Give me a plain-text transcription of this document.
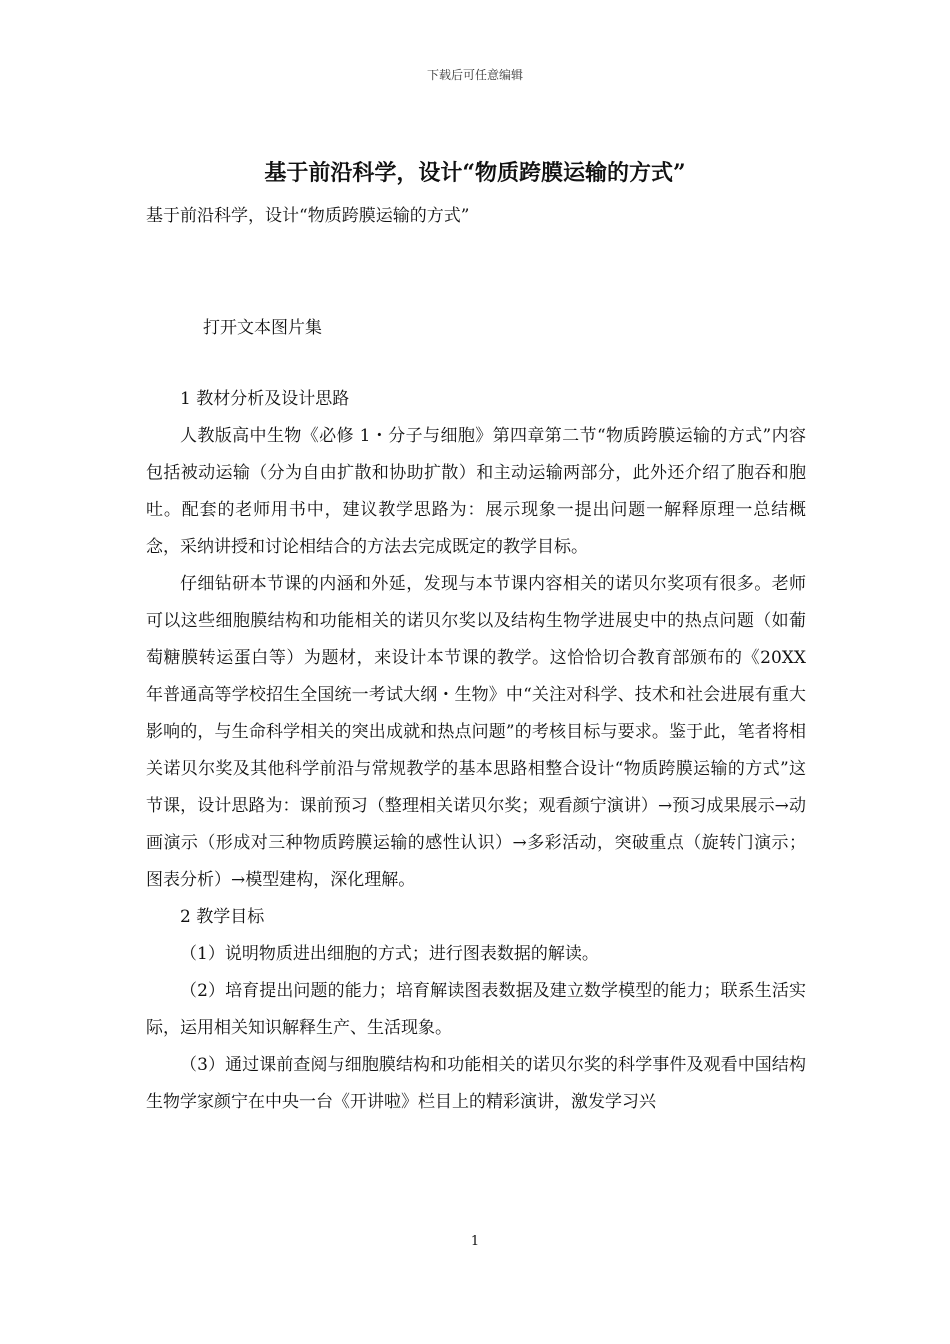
下载后可任意编辑
基于前沿科学，设计“物质跨膜运输的方式”
基于前沿科学，设计“物质跨膜运输的方式”
打开文本图片集

1 教材分析及设计思路

人教版高中生物《必修 1・分子与细胞》第四章第二节“物质跨膜运输的方式”内容包括被动运输（分为自由扩散和协助扩散）和主动运输两部分，此外还介绍了胞吞和胞吐。配套的老师用书中，建议教学思路为：展示现象一提出问题一解释原理一总结概念，采纳讲授和讨论相结合的方法去完成既定的教学目标。

仔细钻研本节课的内涵和外延，发现与本节课内容相关的诺贝尔奖项有很多。老师可以这些细胞膜结构和功能相关的诺贝尔奖以及结构生物学进展史中的热点问题（如葡萄糖膜转运蛋白等）为题材，来设计本节课的教学。这恰恰切合教育部颁布的《20XX 年普通高等学校招生全国统一考试大纲・生物》中“关注对科学、技术和社会进展有重大影响的，与生命科学相关的突出成就和热点问题”的考核目标与要求。鉴于此，笔者将相关诺贝尔奖及其他科学前沿与常规教学的基本思路相整合设计“物质跨膜运输的方式”这节课，设计思路为：课前预习（整理相关诺贝尔奖；观看颜宁演讲）→预习成果展示→动画演示（形成对三种物质跨膜运输的感性认识）→多彩活动，突破重点（旋转门演示；图表分析）→模型建构，深化理解。

2 教学目标

（1）说明物质进出细胞的方式；进行图表数据的解读。

（2）培育提出问题的能力；培育解读图表数据及建立数学模型的能力；联系生活实际，运用相关知识解释生产、生活现象。

（3）通过课前查阅与细胞膜结构和功能相关的诺贝尔奖的科学事件及观看中国结构生物学家颜宁在中央一台《开讲啦》栏目上的精彩演讲，激发学习兴

1
